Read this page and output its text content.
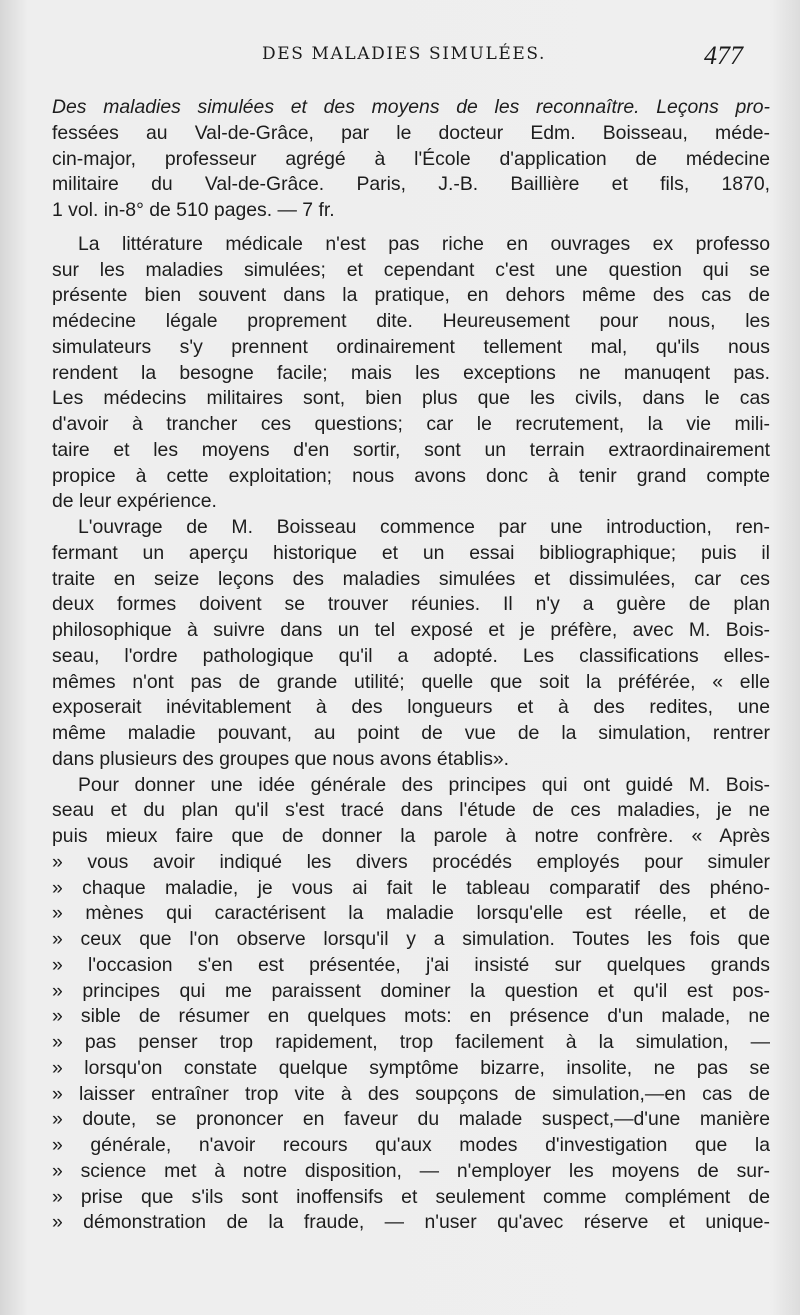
DES MALADIES SIMULÉES.	477
Des maladies simulées et des moyens de les reconnaître. Leçons pro-
fessées au Val-de-Grâce, par le docteur Edm. Boisseau, méde-
cin-major, professeur agrégé à l'École d'application de médecine
militaire du Val-de-Grâce. Paris, J.-B. Baillière et fils, 1870,
1 vol. in-8° de 510 pages. — 7 fr.
La littérature médicale n'est pas riche en ouvrages ex professo
sur les maladies simulées; et cependant c'est une question qui se
présente bien souvent dans la pratique, en dehors même des cas de
médecine légale proprement dite. Heureusement pour nous, les
simulateurs s'y prennent ordinairement tellement mal, qu'ils nous
rendent la besogne facile; mais les exceptions ne manuqent pas.
Les médecins militaires sont, bien plus que les civils, dans le cas
d'avoir à trancher ces questions; car le recrutement, la vie mili-
taire et les moyens d'en sortir, sont un terrain extraordinairement
propice à cette exploitation; nous avons donc à tenir grand compte
de leur expérience.
L'ouvrage de M. Boisseau commence par une introduction, ren-
fermant un aperçu historique et un essai bibliographique; puis il
traite en seize leçons des maladies simulées et dissimulées, car ces
deux formes doivent se trouver réunies. Il n'y a guère de plan
philosophique à suivre dans un tel exposé et je préfère, avec M. Bois-
seau, l'ordre pathologique qu'il a adopté. Les classifications elles-
mêmes n'ont pas de grande utilité; quelle que soit la préférée, « elle
exposerait inévitablement à des longueurs et à des redites, une
même maladie pouvant, au point de vue de la simulation, rentrer
dans plusieurs des groupes que nous avons établis».
Pour donner une idée générale des principes qui ont guidé M. Bois-
seau et du plan qu'il s'est tracé dans l'étude de ces maladies, je ne
puis mieux faire que de donner la parole à notre confrère. « Après
» vous avoir indiqué les divers procédés employés pour simuler
» chaque maladie, je vous ai fait le tableau comparatif des phéno-
» mènes qui caractérisent la maladie lorsqu'elle est réelle, et de
» ceux que l'on observe lorsqu'il y a simulation. Toutes les fois que
» l'occasion s'en est présentée, j'ai insisté sur quelques grands
» principes qui me paraissent dominer la question et qu'il est pos-
» sible de résumer en quelques mots: en présence d'un malade, ne
» pas penser trop rapidement, trop facilement à la simulation, —
» lorsqu'on constate quelque symptôme bizarre, insolite, ne pas se
» laisser entraîner trop vite à des soupçons de simulation,—en cas de
» doute, se prononcer en faveur du malade suspect,—d'une manière
» générale, n'avoir recours qu'aux modes d'investigation que la
» science met à notre disposition, — n'employer les moyens de sur-
» prise que s'ils sont inoffensifs et seulement comme complément de
» démonstration de la fraude, — n'user qu'avec réserve et unique-
